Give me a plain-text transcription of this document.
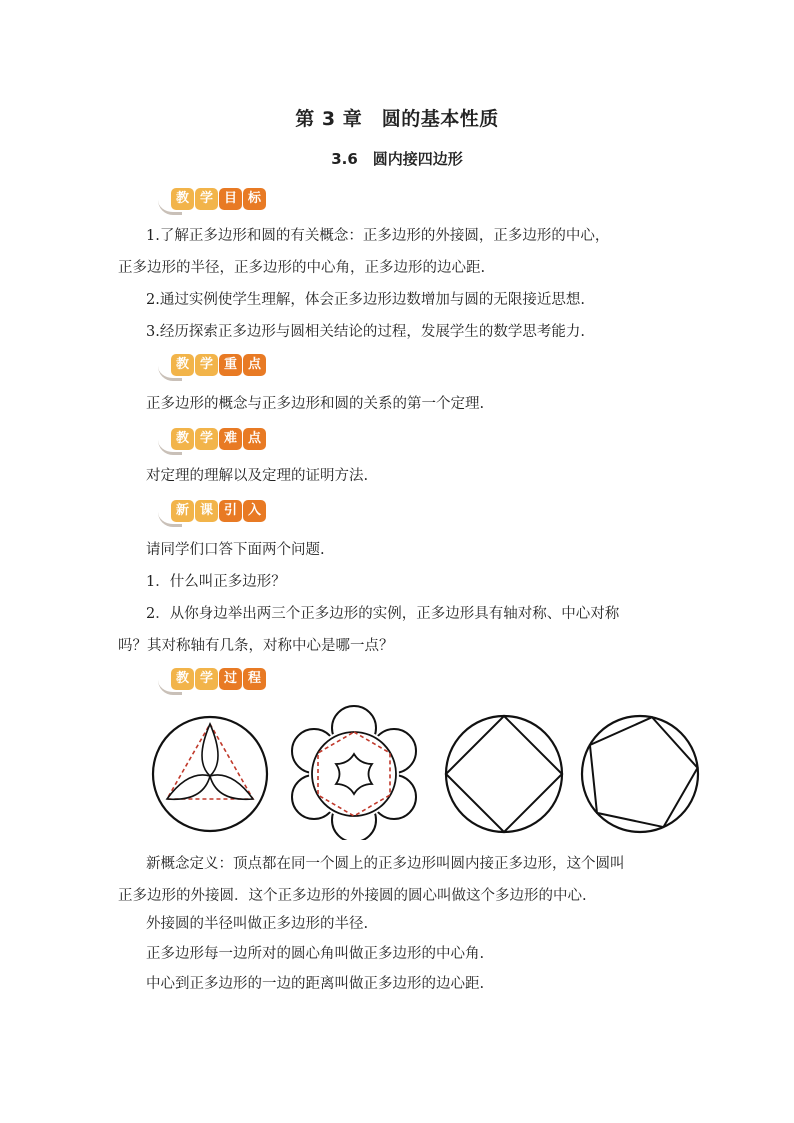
第 3 章　圆的基本性质
3.6　圆内接四边形
教 学 目 标
1.了解正多边形和圆的有关概念：正多边形的外接圆，正多边形的中心，
正多边形的半径，正多边形的中心角，正多边形的边心距.
2.通过实例使学生理解，体会正多边形边数增加与圆的无限接近思想.
3.经历探索正多边形与圆相关结论的过程，发展学生的数学思考能力.
教 学 重 点
正多边形的概念与正多边形和圆的关系的第一个定理.
教 学 难 点
对定理的理解以及定理的证明方法.
新 课 引 入
请同学们口答下面两个问题.
1．什么叫正多边形？
2．从你身边举出两三个正多边形的实例，正多边形具有轴对称、中心对称
吗？其对称轴有几条，对称中心是哪一点？
教 学 过 程
新概念定义：顶点都在同一个圆上的正多边形叫圆内接正多边形，这个圆叫
正多边形的外接圆．这个正多边形的外接圆的圆心叫做这个多边形的中心.
外接圆的半径叫做正多边形的半径.
正多边形每一边所对的圆心角叫做正多边形的中心角.
中心到正多边形的一边的距离叫做正多边形的边心距.
